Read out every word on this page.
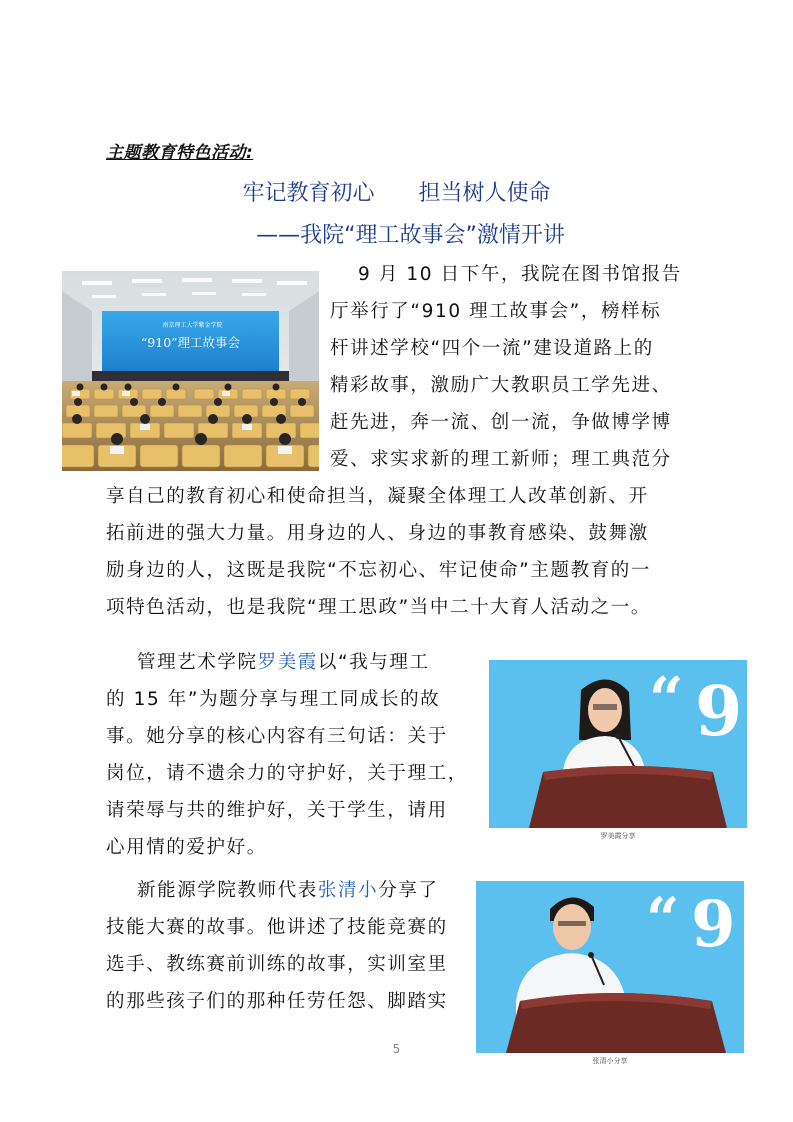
主题教育特色活动:
牢记教育初心 担当树人使命
——我院“理工故事会”激情开讲
南京理工大学紫金学院
“910”理工故事会
9 月 10 日下午，我院在图书馆报告
厅举行了“910 理工故事会”，榜样标
杆讲述学校“四个一流”建设道路上的
精彩故事，激励广大教职员工学先进、
赶先进，奔一流、创一流，争做博学博
爱、求实求新的理工新师；理工典范分
享自己的教育初心和使命担当，凝聚全体理工人改革创新、开
拓前进的强大力量。用身边的人、身边的事教育感染、鼓舞激
励身边的人，这既是我院“不忘初心、牢记使命”主题教育的一
项特色活动，也是我院“理工思政”当中二十大育人活动之一。
“ 9
罗美霞分享
管理艺术学院罗美霞以“我与理工
的 15 年”为题分享与理工同成长的故
事。她分享的核心内容有三句话：关于
岗位，请不遗余力的守护好，关于理工，
请荣辱与共的维护好，关于学生，请用
心用情的爱护好。
“ 9
张清小分享
新能源学院教师代表张清小分享了
技能大赛的故事。他讲述了技能竞赛的
选手、教练赛前训练的故事，实训室里
的那些孩子们的那种任劳任怨、脚踏实
5
